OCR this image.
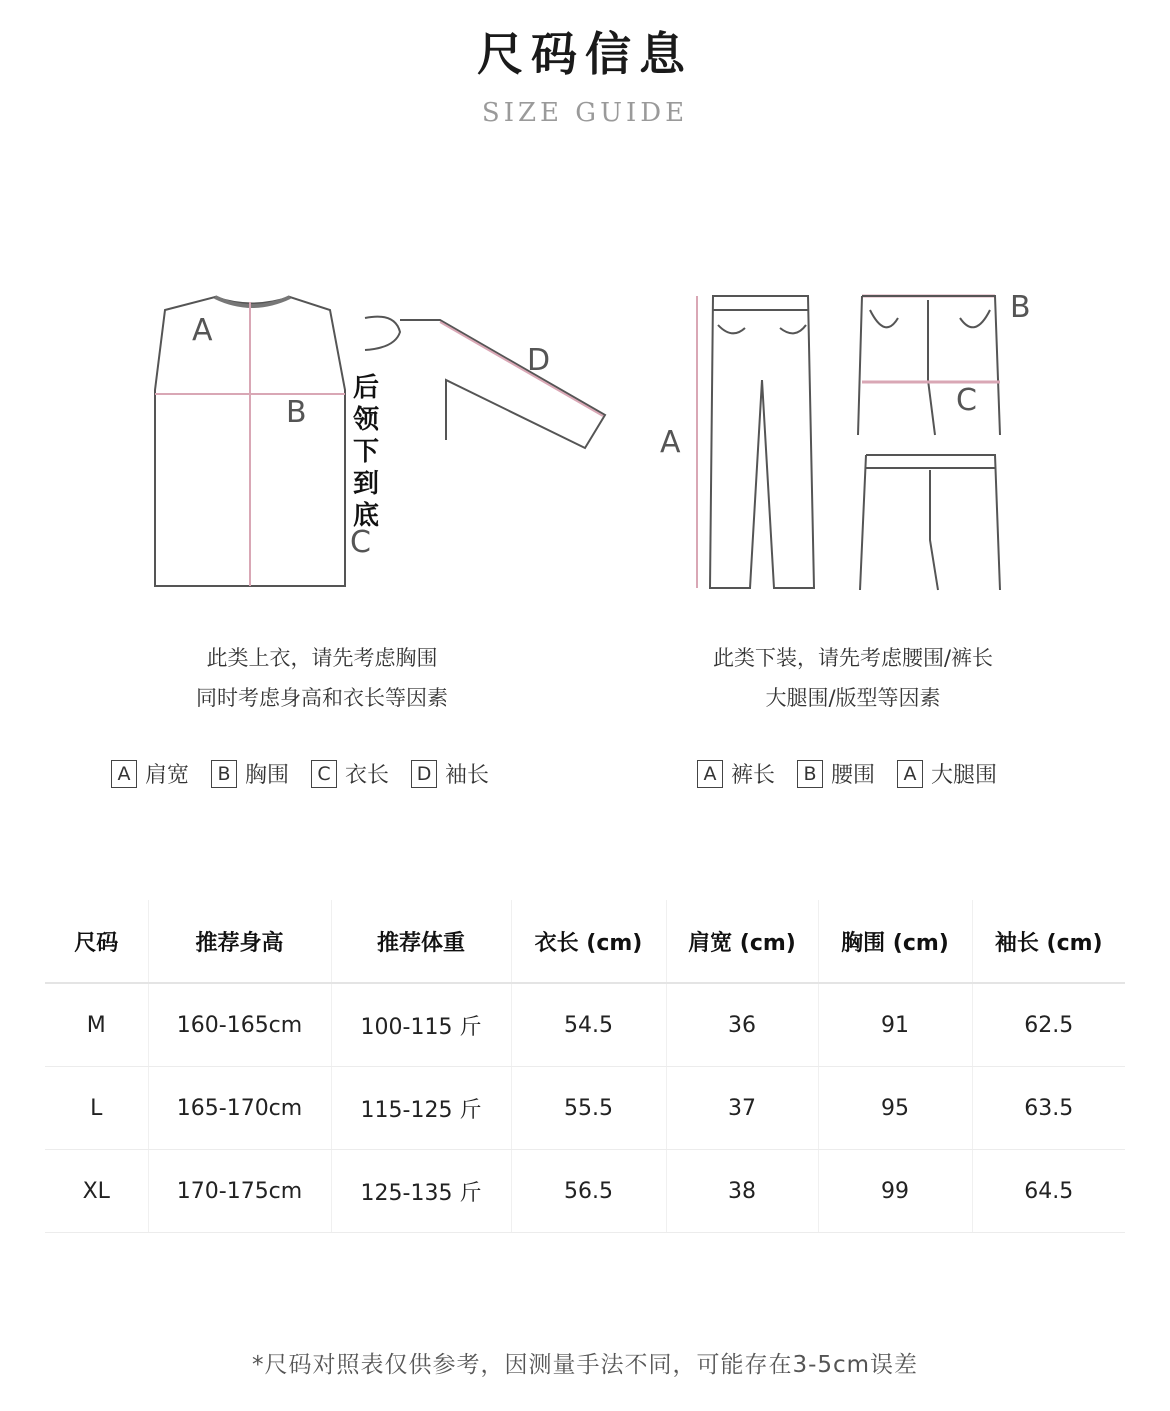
尺码信息
SIZE GUIDE
A
B
C
D
A
B
C
后领下到底
此类上衣，请先考虑胸围
同时考虑身高和衣长等因素
此类下装，请先考虑腰围/裤长
大腿围/版型等因素
A 肩宽	B 胸围	C 衣长 D 袖长	A 裤长	B 腰围	A 大腿围
尺码	推荐身高	推荐体重	衣长 (cm)	肩宽 (cm)	胸围 (cm)	袖长 (cm)
M	160-165cm	100-115 斤	54.5	36	91	62.5
L	165-170cm	115-125 斤	55.5	37	95	63.5
XL	170-175cm	125-135 斤	56.5	38	99	64.5
*尺码对照表仅供参考，因测量手法不同，可能存在3-5cm误差
